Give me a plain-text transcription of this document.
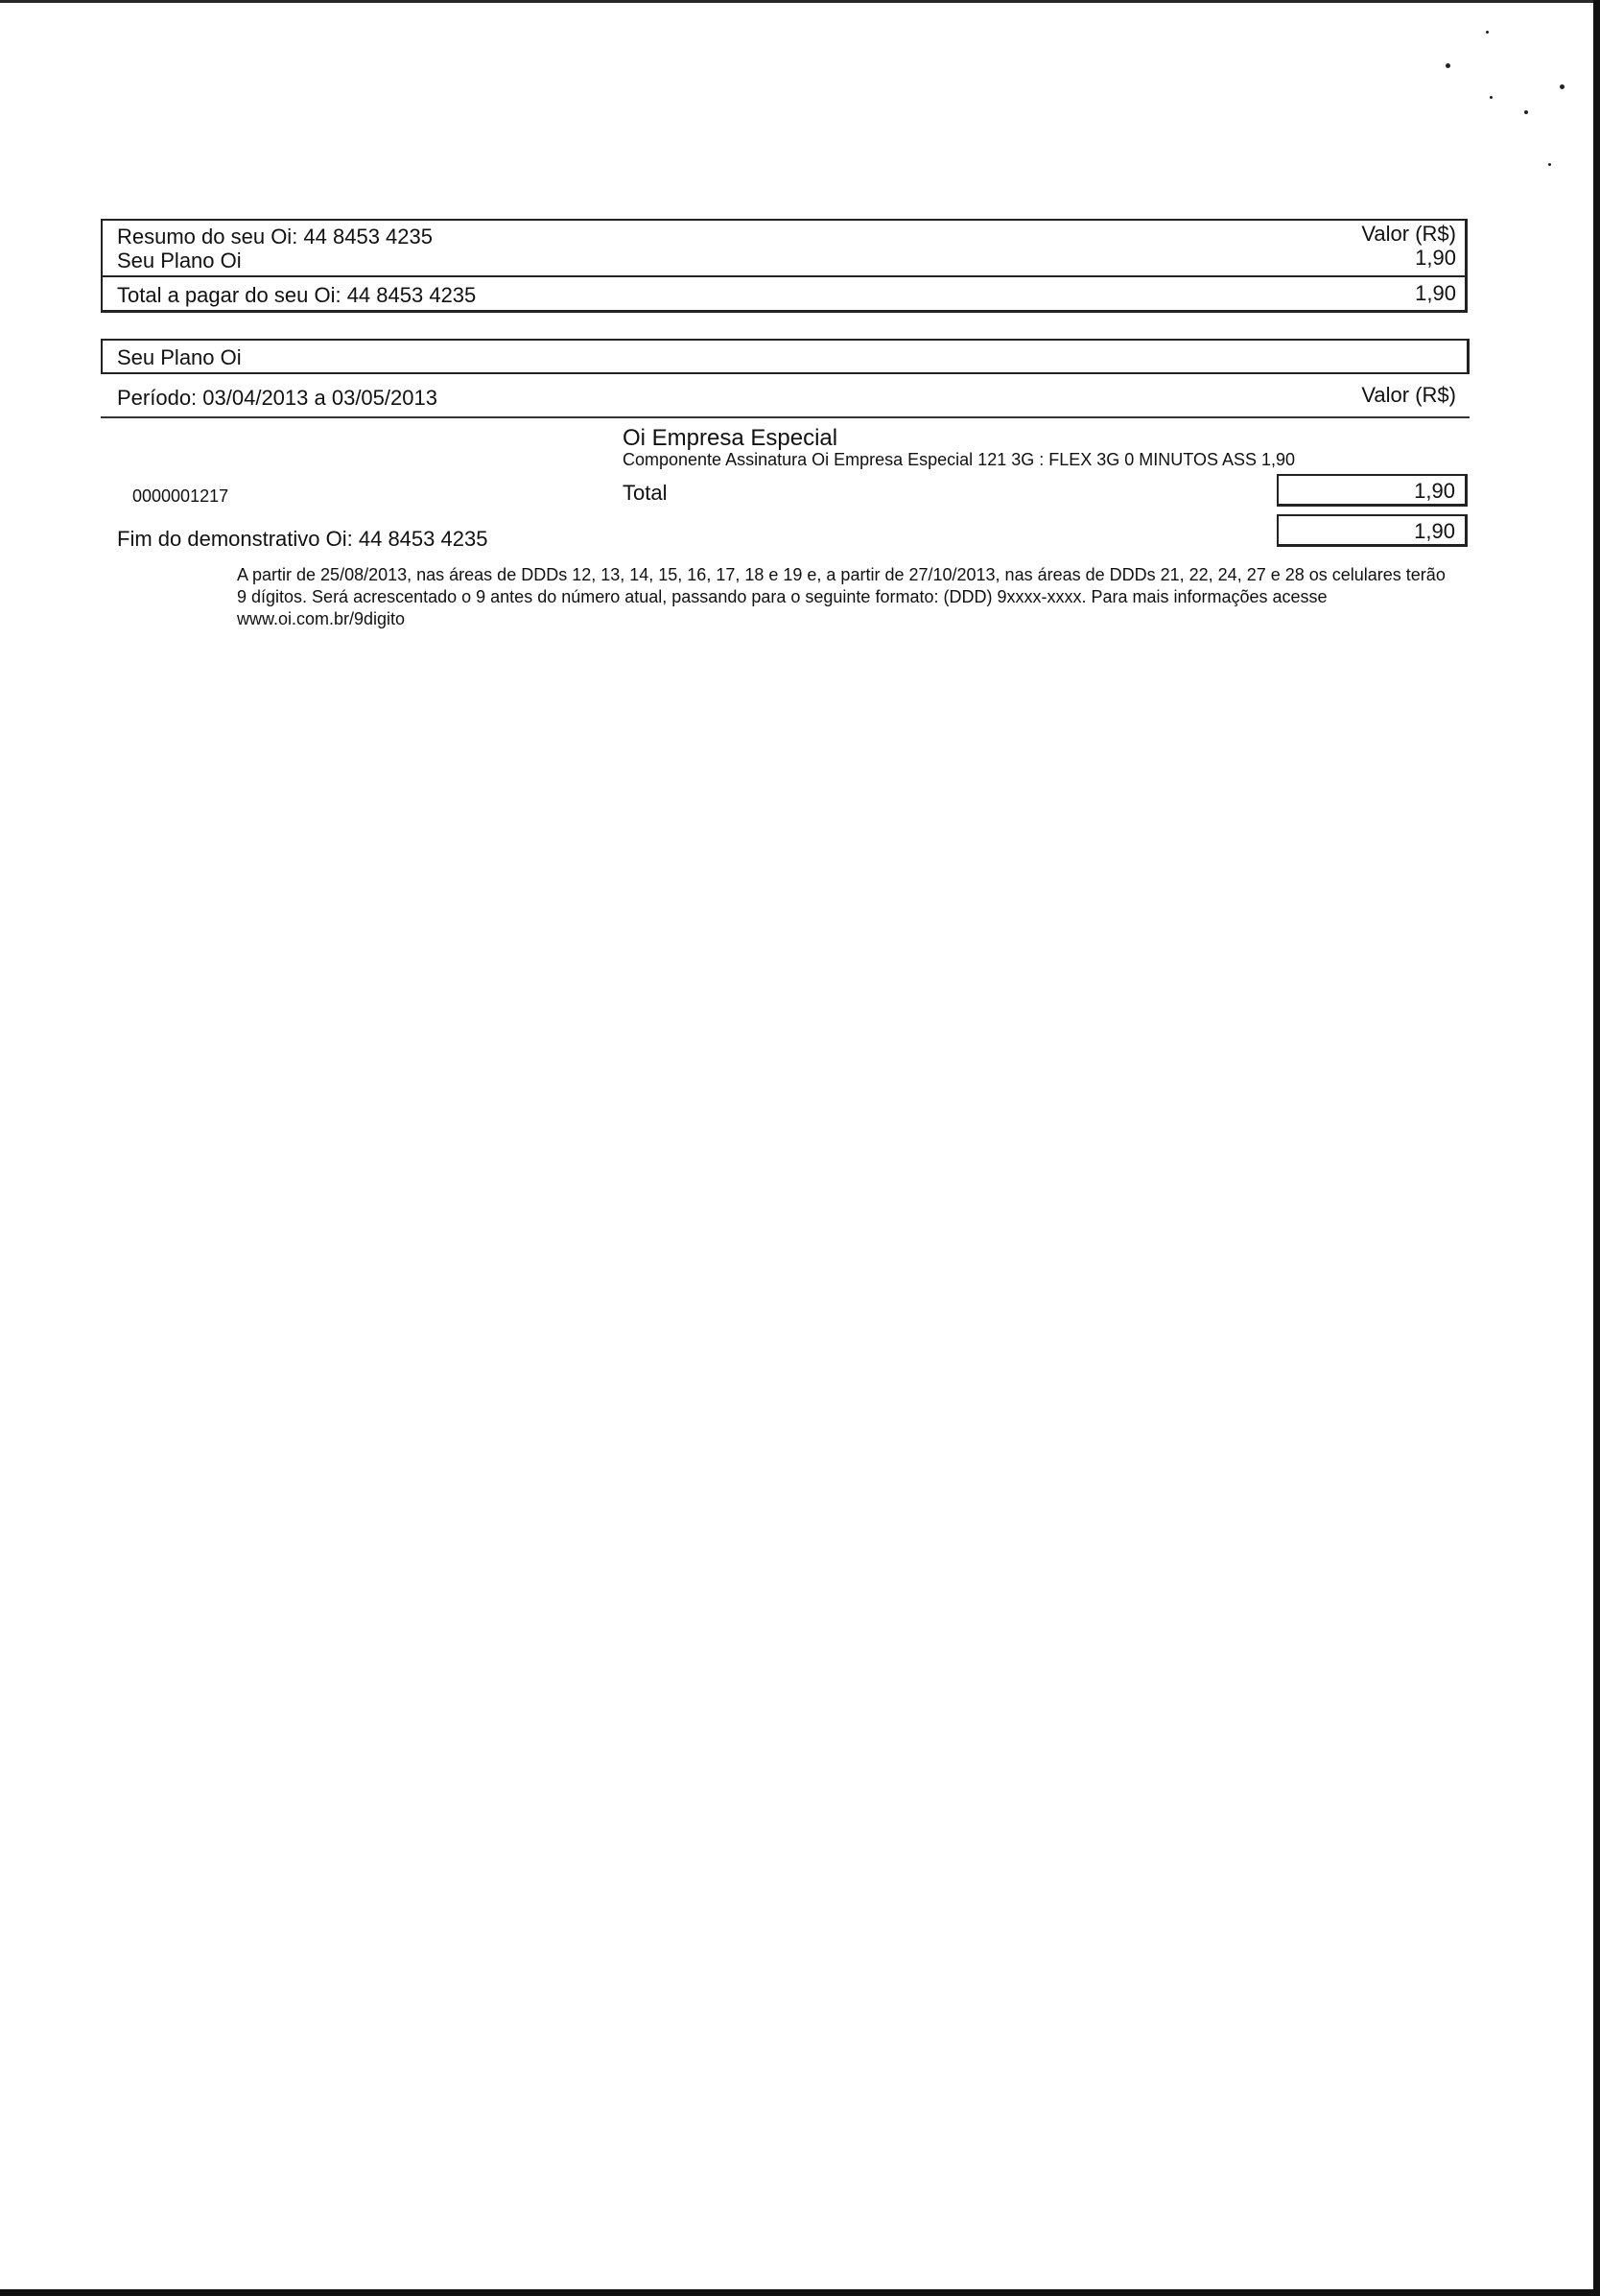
Resumo do seu Oi: 44 8453 4235	Valor (R$)
Seu Plano Oi	1,90
Total a pagar do seu Oi: 44 8453 4235	1,90
Seu Plano Oi
Período: 03/04/2013 a 03/05/2013	Valor (R$)
Oi Empresa Especial
Componente Assinatura Oi Empresa Especial 121 3G : FLEX 3G 0 MINUTOS ASS 1,90
0000001217	Total	1,90
Fim do demonstrativo Oi: 44 8453 4235	1,90
A partir de 25/08/2013, nas áreas de DDDs 12, 13, 14, 15, 16, 17, 18 e 19 e, a partir de 27/10/2013, nas áreas de DDDs 21, 22, 24, 27 e 28 os celulares terão 9 dígitos. Será acrescentado o 9 antes do número atual, passando para o seguinte formato: (DDD) 9xxxx-xxxx. Para mais informações acesse www.oi.com.br/9digito
